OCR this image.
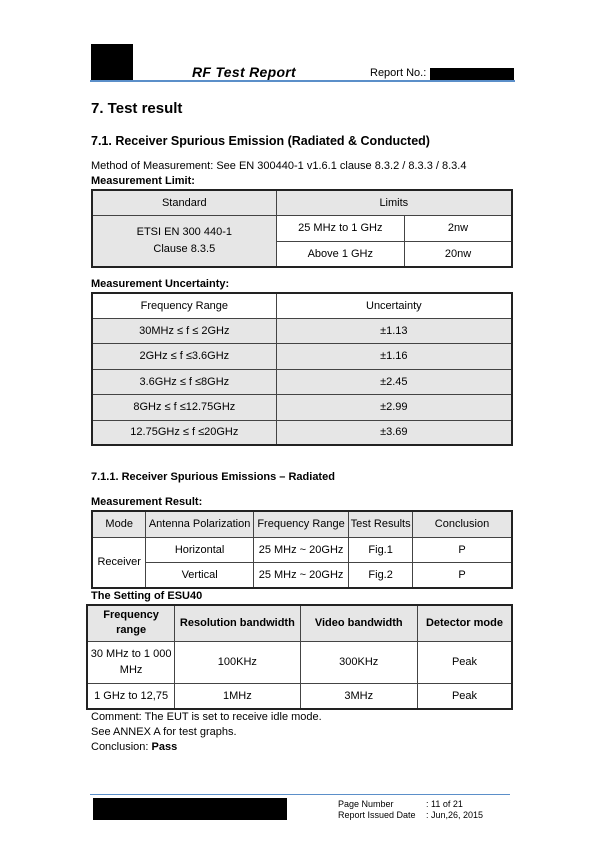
RF Test Report	Report No.:
7. Test result
7.1. Receiver Spurious Emission (Radiated & Conducted)
Method of Measurement: See EN 300440-1 v1.6.1 clause 8.3.2 / 8.3.3 / 8.3.4
Measurement Limit:
Standard	Limits	

ETSI EN 300 440-1
Clause 8.3.5	25 MHz to 1 GHz	2nw
	Above 1 GHz	20nw
Measurement Uncertainty:
Frequency Range	Uncertainty
30MHz ≤ f ≤ 2GHz	±1.13
2GHz ≤ f ≤3.6GHz	±1.16
3.6GHz ≤ f ≤8GHz	±2.45
8GHz ≤ f ≤12.75GHz	±2.99
12.75GHz ≤ f ≤20GHz	±3.69
7.1.1. Receiver Spurious Emissions – Radiated
Measurement Result:
Mode	Antenna Polarization	Frequency Range	Test Results	Conclusion
Receiver	Horizontal	25 MHz ~ 20GHz	Fig.1	P
	Vertical	25 MHz ~ 20GHz	Fig.2	P
The Setting of ESU40
Frequency
range	Resolution bandwidth	Video bandwidth	Detector mode
30 MHz to 1 000
MHz	100KHz	300KHz	Peak
1 GHz to 12,75	1MHz	3MHz	Peak
Comment: The EUT is set to receive idle mode.
See ANNEX A for test graphs.
Conclusion: Pass
Page Number	: 11 of 21
Report Issued Date : Jun,26, 2015
